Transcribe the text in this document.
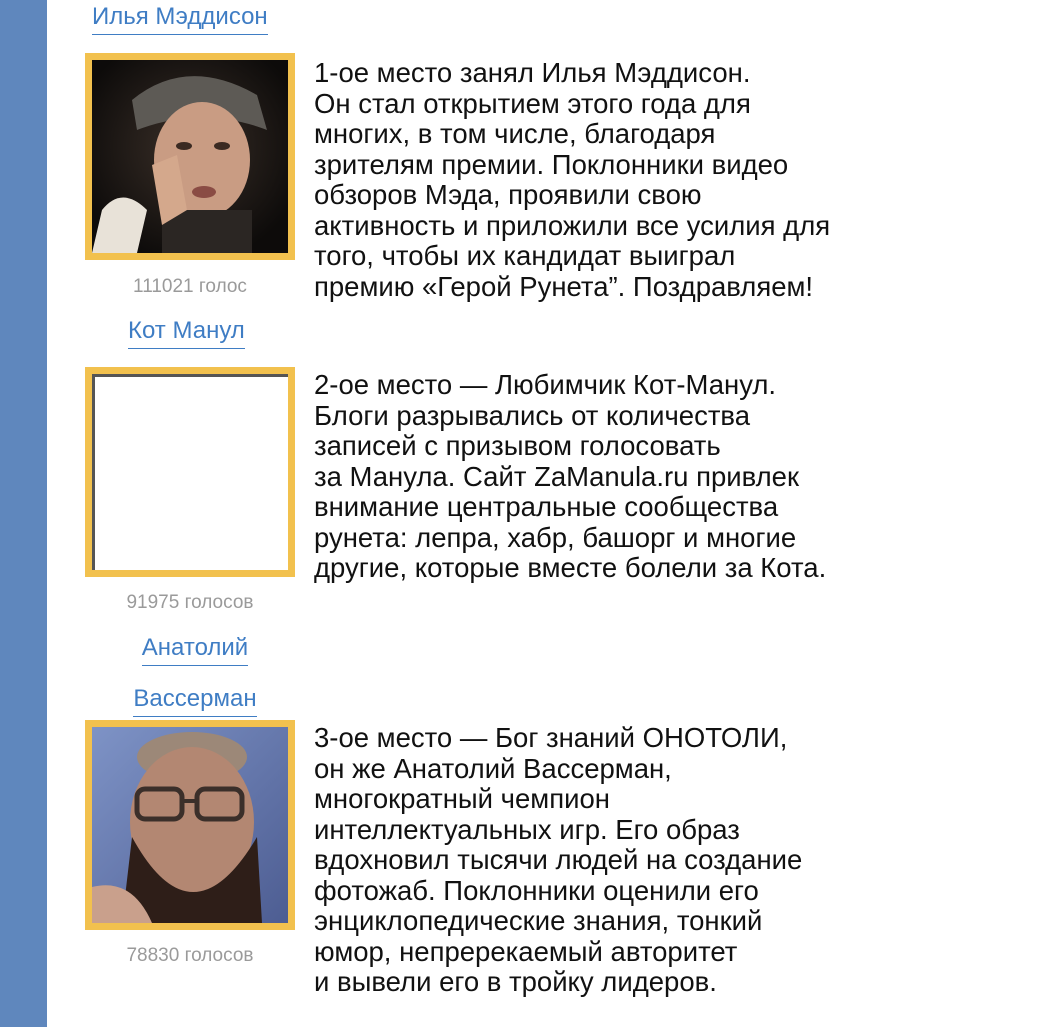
Илья Мэддисон
111021 голос
1-ое место занял Илья Мэддисон.
Он стал открытием этого года для
многих, в том числе, благодаря
зрителям премии. Поклонники видео
обзоров Мэда, проявили свою
активность и приложили все усилия для
того, чтобы их кандидат выиграл
премию «Герой Рунета”. Поздравляем!
Кот Манул
91975 голосов
2-ое место — Любимчик Кот-Манул.
Блоги разрывались от количества
записей с призывом голосовать
за Манула. Сайт ZaManula.ru привлек
внимание центральные сообщества
рунета: лепра, хабр, башорг и многие
другие, которые вместе болели за Кота.
Анатолий
Вассерман
78830 голосов
3-ое место — Бог знаний ОНОТОЛИ,
он же Анатолий Вассерман,
многократный чемпион
интеллектуальных игр. Его образ
вдохновил тысячи людей на создание
фотожаб. Поклонники оценили его
энциклопедические знания, тонкий
юмор, непререкаемый авторитет
и вывели его в тройку лидеров.
